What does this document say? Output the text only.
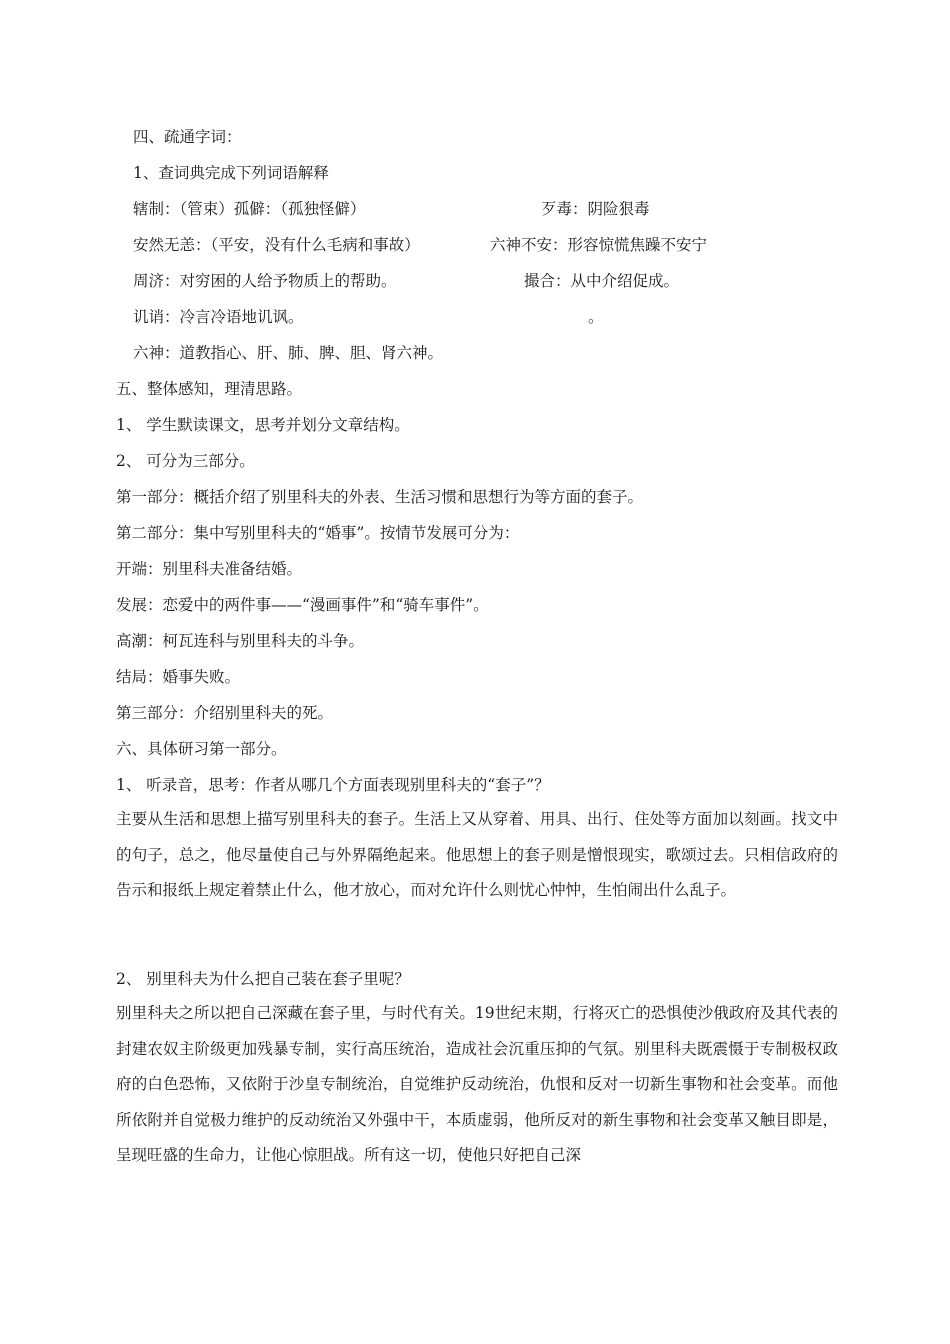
四、疏通字词：
1、查词典完成下列词语解释
辖制：（管束）孤僻：（孤独怪僻）	歹毒：阴险狠毒
安然无恙：（平安，没有什么毛病和事故）	六神不安：形容惊慌焦躁不安宁
周济：对穷困的人给予物质上的帮助。	撮合：从中介绍促成。
讥诮：冷言冷语地讥讽。	。
六神：道教指心、肝、肺、脾、胆、肾六神。
五、整体感知，理清思路。
1、 学生默读课文，思考并划分文章结构。
2、 可分为三部分。
第一部分：概括介绍了别里科夫的外表、生活习惯和思想行为等方面的套子。
第二部分：集中写别里科夫的“婚事”。按情节发展可分为：
开端：别里科夫准备结婚。
发展：恋爱中的两件事——“漫画事件”和“骑车事件”。
高潮：柯瓦连科与别里科夫的斗争。
结局：婚事失败。
第三部分：介绍别里科夫的死。
六、具体研习第一部分。
1、 听录音，思考：作者从哪几个方面表现别里科夫的“套子”？
主要从生活和思想上描写别里科夫的套子。生活上又从穿着、用具、出行、住处等方面加以刻画。找文中的句子，总之，他尽量使自己与外界隔绝起来。他思想上的套子则是憎恨现实，歌颂过去。只相信政府的告示和报纸上规定着禁止什么，他才放心，而对允许什么则忧心忡忡，生怕闹出什么乱子。
2、 别里科夫为什么把自己装在套子里呢？
别里科夫之所以把自己深藏在套子里，与时代有关。19世纪末期，行将灭亡的恐惧使沙俄政府及其代表的封建农奴主阶级更加残暴专制，实行高压统治，造成社会沉重压抑的气氛。别里科夫既震慑于专制极权政府的白色恐怖，又依附于沙皇专制统治，自觉维护反动统治，仇恨和反对一切新生事物和社会变革。而他所依附并自觉极力维护的反动统治又外强中干，本质虚弱，他所反对的新生事物和社会变革又触目即是，呈现旺盛的生命力，让他心惊胆战。所有这一切，使他只好把自己深
